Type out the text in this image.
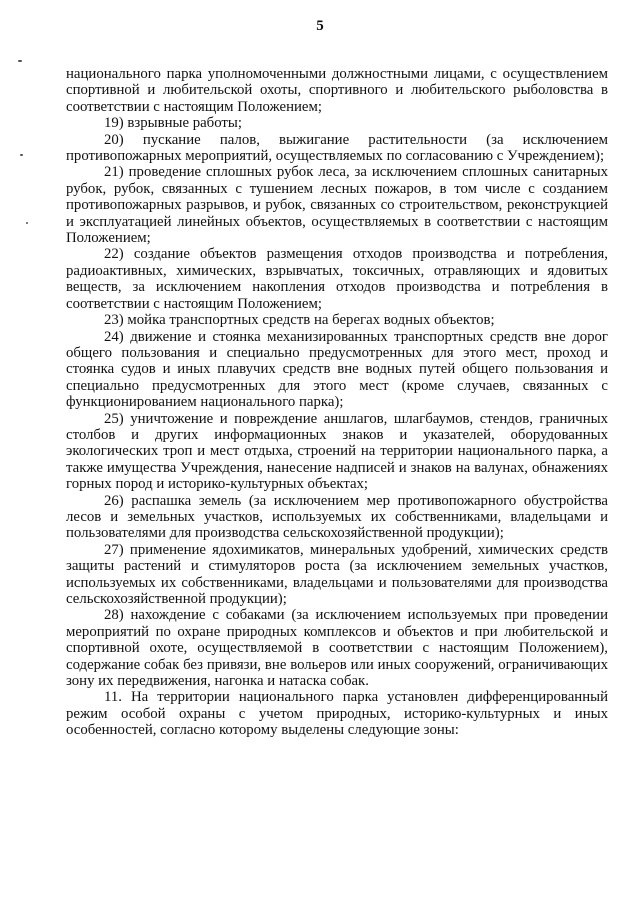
5

национального парка уполномоченными должностными лицами, с осуществлением спортивной и любительской охоты, спортивного и любительского рыболовства в соответствии с настоящим Положением;

19) взрывные работы;

20) пускание палов, выжигание растительности (за исключением противопожарных мероприятий, осуществляемых по согласованию с Учреждением);

21) проведение сплошных рубок леса, за исключением сплошных санитарных рубок, рубок, связанных с тушением лесных пожаров, в том числе с созданием противопожарных разрывов, и рубок, связанных со строительством, реконструкцией и эксплуатацией линейных объектов, осуществляемых в соответствии с настоящим Положением;

22) создание объектов размещения отходов производства и потребления, радиоактивных, химических, взрывчатых, токсичных, отравляющих и ядовитых веществ, за исключением накопления отходов производства и потребления в соответствии с настоящим Положением;

23) мойка транспортных средств на берегах водных объектов;

24) движение и стоянка механизированных транспортных средств вне дорог общего пользования и специально предусмотренных для этого мест, проход и стоянка судов и иных плавучих средств вне водных путей общего пользования и специально предусмотренных для этого мест (кроме случаев, связанных с функционированием национального парка);

25) уничтожение и повреждение аншлагов, шлагбаумов, стендов, граничных столбов и других информационных знаков и указателей, оборудованных экологических троп и мест отдыха, строений на территории национального парка, а также имущества Учреждения, нанесение надписей и знаков на валунах, обнажениях горных пород и историко-культурных объектах;

26) распашка земель (за исключением мер противопожарного обустройства лесов и земельных участков, используемых их собственниками, владельцами и пользователями для производства сельскохозяйственной продукции);

27) применение ядохимикатов, минеральных удобрений, химических средств защиты растений и стимуляторов роста (за исключением земельных участков, используемых их собственниками, владельцами и пользователями для производства сельскохозяйственной продукции);

28) нахождение с собаками (за исключением используемых при проведении мероприятий по охране природных комплексов и объектов и при любительской и спортивной охоте, осуществляемой в соответствии с настоящим Положением), содержание собак без привязи, вне вольеров или иных сооружений, ограничивающих зону их передвижения, нагонка и натаска собак.

11. На территории национального парка установлен дифференцированный режим особой охраны с учетом природных, историко-культурных и иных особенностей, согласно которому выделены следующие зоны:
